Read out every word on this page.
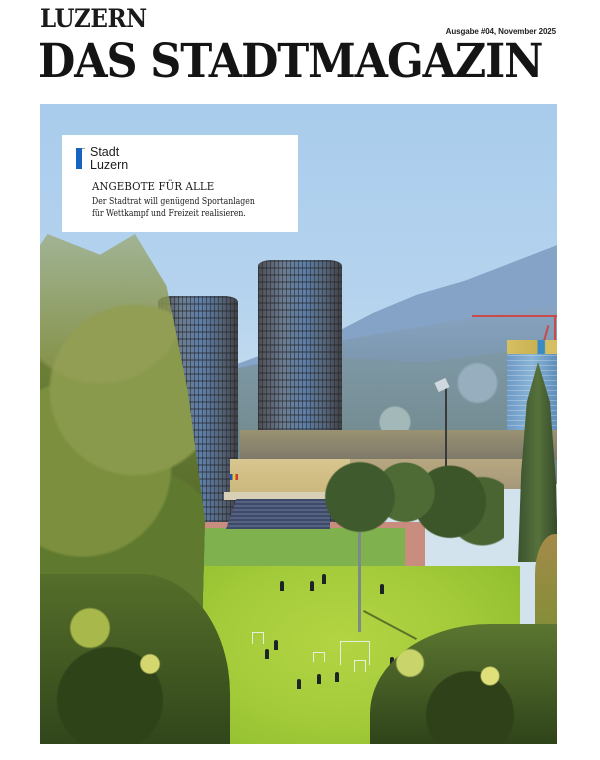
LUZERN	Ausgabe #04, November 2025
DAS STADTMAGAZIN
Stadt
Luzern
ANGEBOTE FÜR ALLE
Der Stadtrat will genügend Sportanlagen
für Wettkampf und Freizeit realisieren.
